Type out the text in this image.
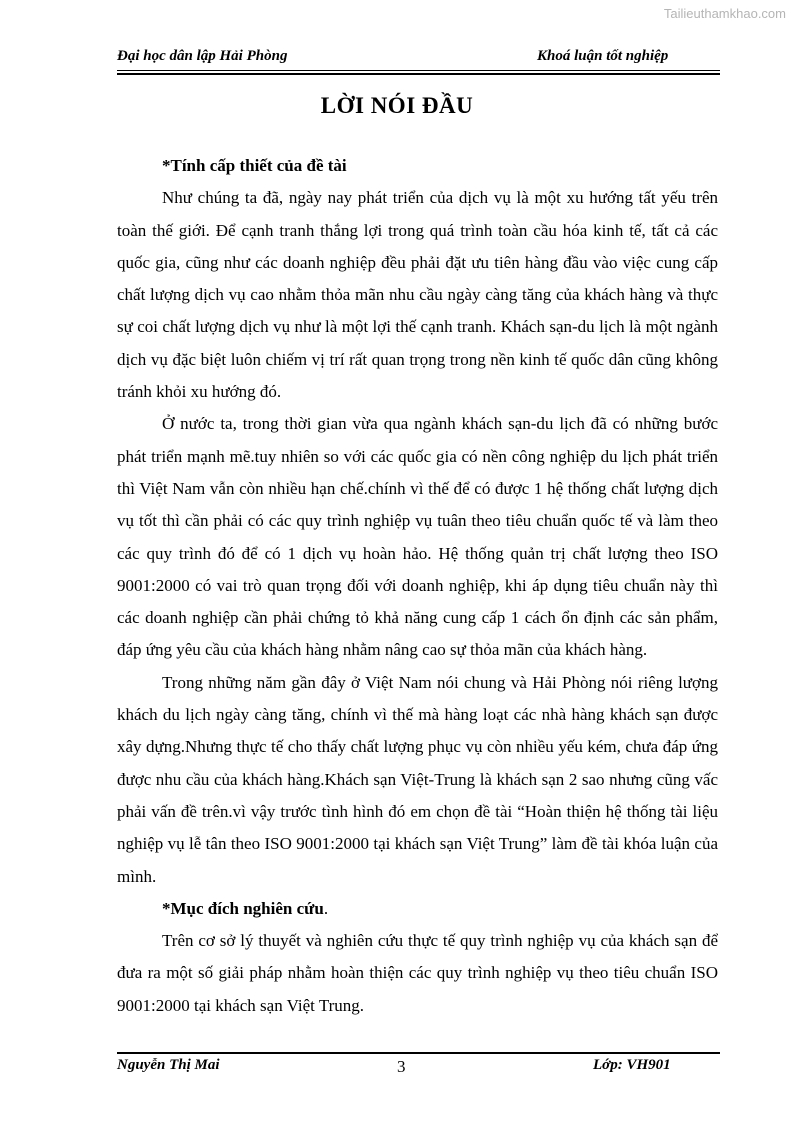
Tailieuthamkhao.com
Đại học dân lập Hải Phòng	Khoá luận tốt nghiệp
LỜI NÓI ĐẦU

*Tính cấp thiết của đề tài

Như chúng ta đã, ngày nay phát triển của dịch vụ là một xu hướng tất yếu trên toàn thế giới. Để cạnh tranh thắng lợi trong quá trình toàn cầu hóa kinh tế, tất cả các quốc gia, cũng như các doanh nghiệp đều phải đặt ưu tiên hàng đầu vào việc cung cấp chất lượng dịch vụ cao nhằm thỏa mãn nhu cầu ngày càng tăng của khách hàng và thực sự coi chất lượng dịch vụ như là một lợi thế cạnh tranh. Khách sạn-du lịch là một ngành dịch vụ đặc biệt luôn chiếm vị trí rất quan trọng trong nền kinh tế quốc dân cũng không tránh khỏi xu hướng đó.

Ở nước ta, trong thời gian vừa qua ngành khách sạn-du lịch đã có những bước phát triển mạnh mẽ.tuy nhiên so với các quốc gia có nền công nghiệp du lịch phát triển thì Việt Nam vẫn còn nhiều hạn chế.chính vì thế để có được 1 hệ thống chất lượng dịch vụ tốt thì cần phải có các quy trình nghiệp vụ tuân theo tiêu chuẩn quốc tế và làm theo các quy trình đó để có 1 dịch vụ hoàn hảo. Hệ thống quản trị chất lượng theo ISO 9001:2000 có vai trò quan trọng đối với doanh nghiệp, khi áp dụng tiêu chuẩn này thì các doanh nghiệp cần phải chứng tỏ khả năng cung cấp 1 cách ổn định các sản phẩm, đáp ứng yêu cầu của khách hàng nhằm nâng cao sự thỏa mãn của khách hàng.

Trong những năm gần đây ở Việt Nam nói chung và Hải Phòng nói riêng lượng khách du lịch ngày càng tăng, chính vì thế mà hàng loạt các nhà hàng khách sạn được xây dựng.Nhưng thực tế cho thấy chất lượng phục vụ còn nhiều yếu kém, chưa đáp ứng được nhu cầu của khách hàng.Khách sạn Việt-Trung là khách sạn 2 sao nhưng cũng vấc phải vấn đề trên.vì vậy trước tình hình đó em chọn đề tài “Hoàn thiện hệ thống tài liệu nghiệp vụ lễ tân theo ISO 9001:2000 tại khách sạn Việt Trung” làm đề tài khóa luận của mình.

*Mục đích nghiên cứu.

Trên cơ sở lý thuyết và nghiên cứu thực tế quy trình nghiệp vụ của khách sạn để đưa ra một số giải pháp nhằm hoàn thiện các quy trình nghiệp vụ theo tiêu chuẩn ISO 9001:2000 tại khách sạn Việt Trung.

Nguyễn Thị Mai	3	Lớp: VH901
